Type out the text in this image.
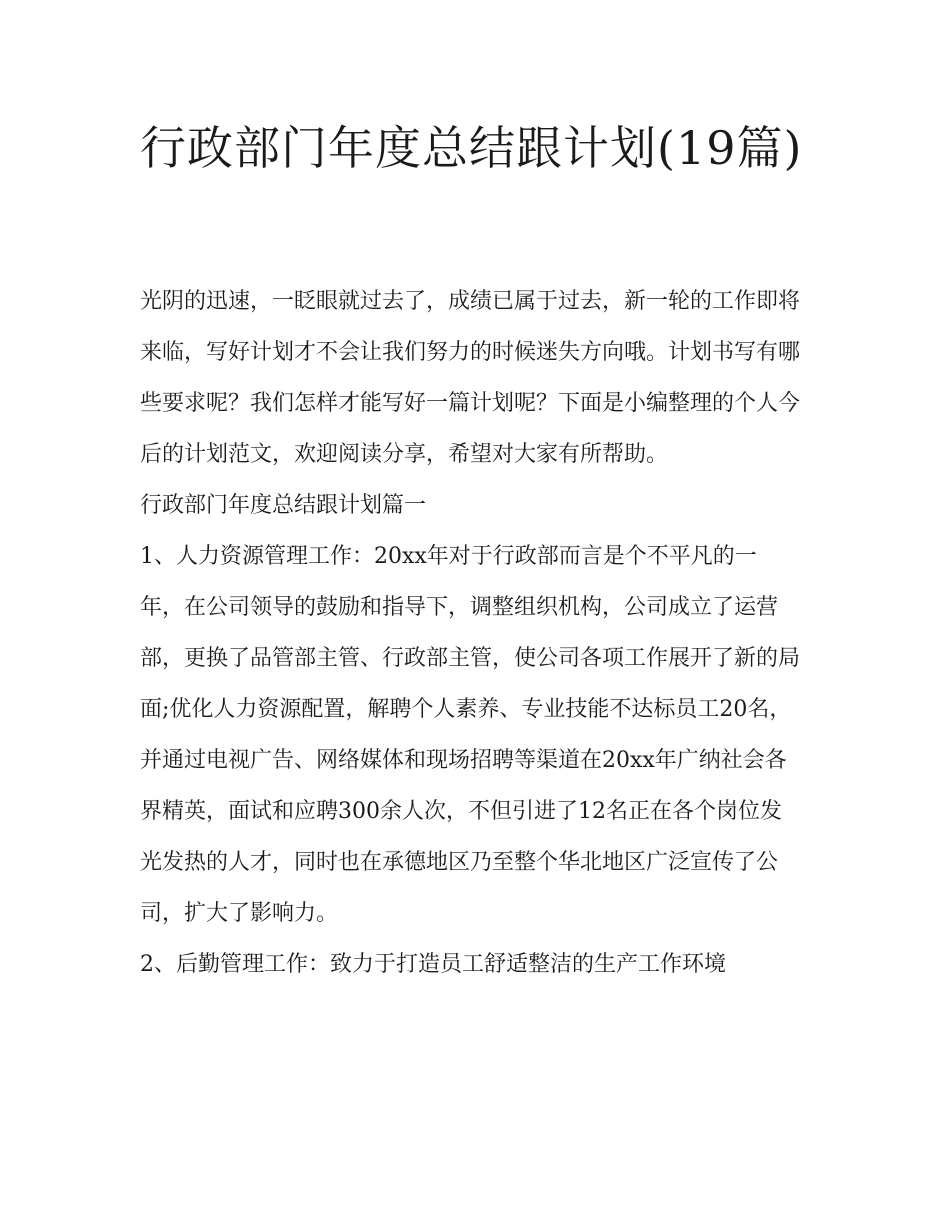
行政部门年度总结跟计划(19篇)

光阴的迅速，一眨眼就过去了，成绩已属于过去，新一轮的工作即将来临，写好计划才不会让我们努力的时候迷失方向哦。计划书写有哪些要求呢？我们怎样才能写好一篇计划呢？下面是小编整理的个人今后的计划范文，欢迎阅读分享，希望对大家有所帮助。

行政部门年度总结跟计划篇一

1、人力资源管理工作：20xx年对于行政部而言是个不平凡的一年，在公司领导的鼓励和指导下，调整组织机构，公司成立了运营部，更换了品管部主管、行政部主管，使公司各项工作展开了新的局面;优化人力资源配置，解聘个人素养、专业技能不达标员工20名，并通过电视广告、网络媒体和现场招聘等渠道在20xx年广纳社会各界精英，面试和应聘300余人次，不但引进了12名正在各个岗位发光发热的人才，同时也在承德地区乃至整个华北地区广泛宣传了公司，扩大了影响力。

2、后勤管理工作：致力于打造员工舒适整洁的生产工作环境
